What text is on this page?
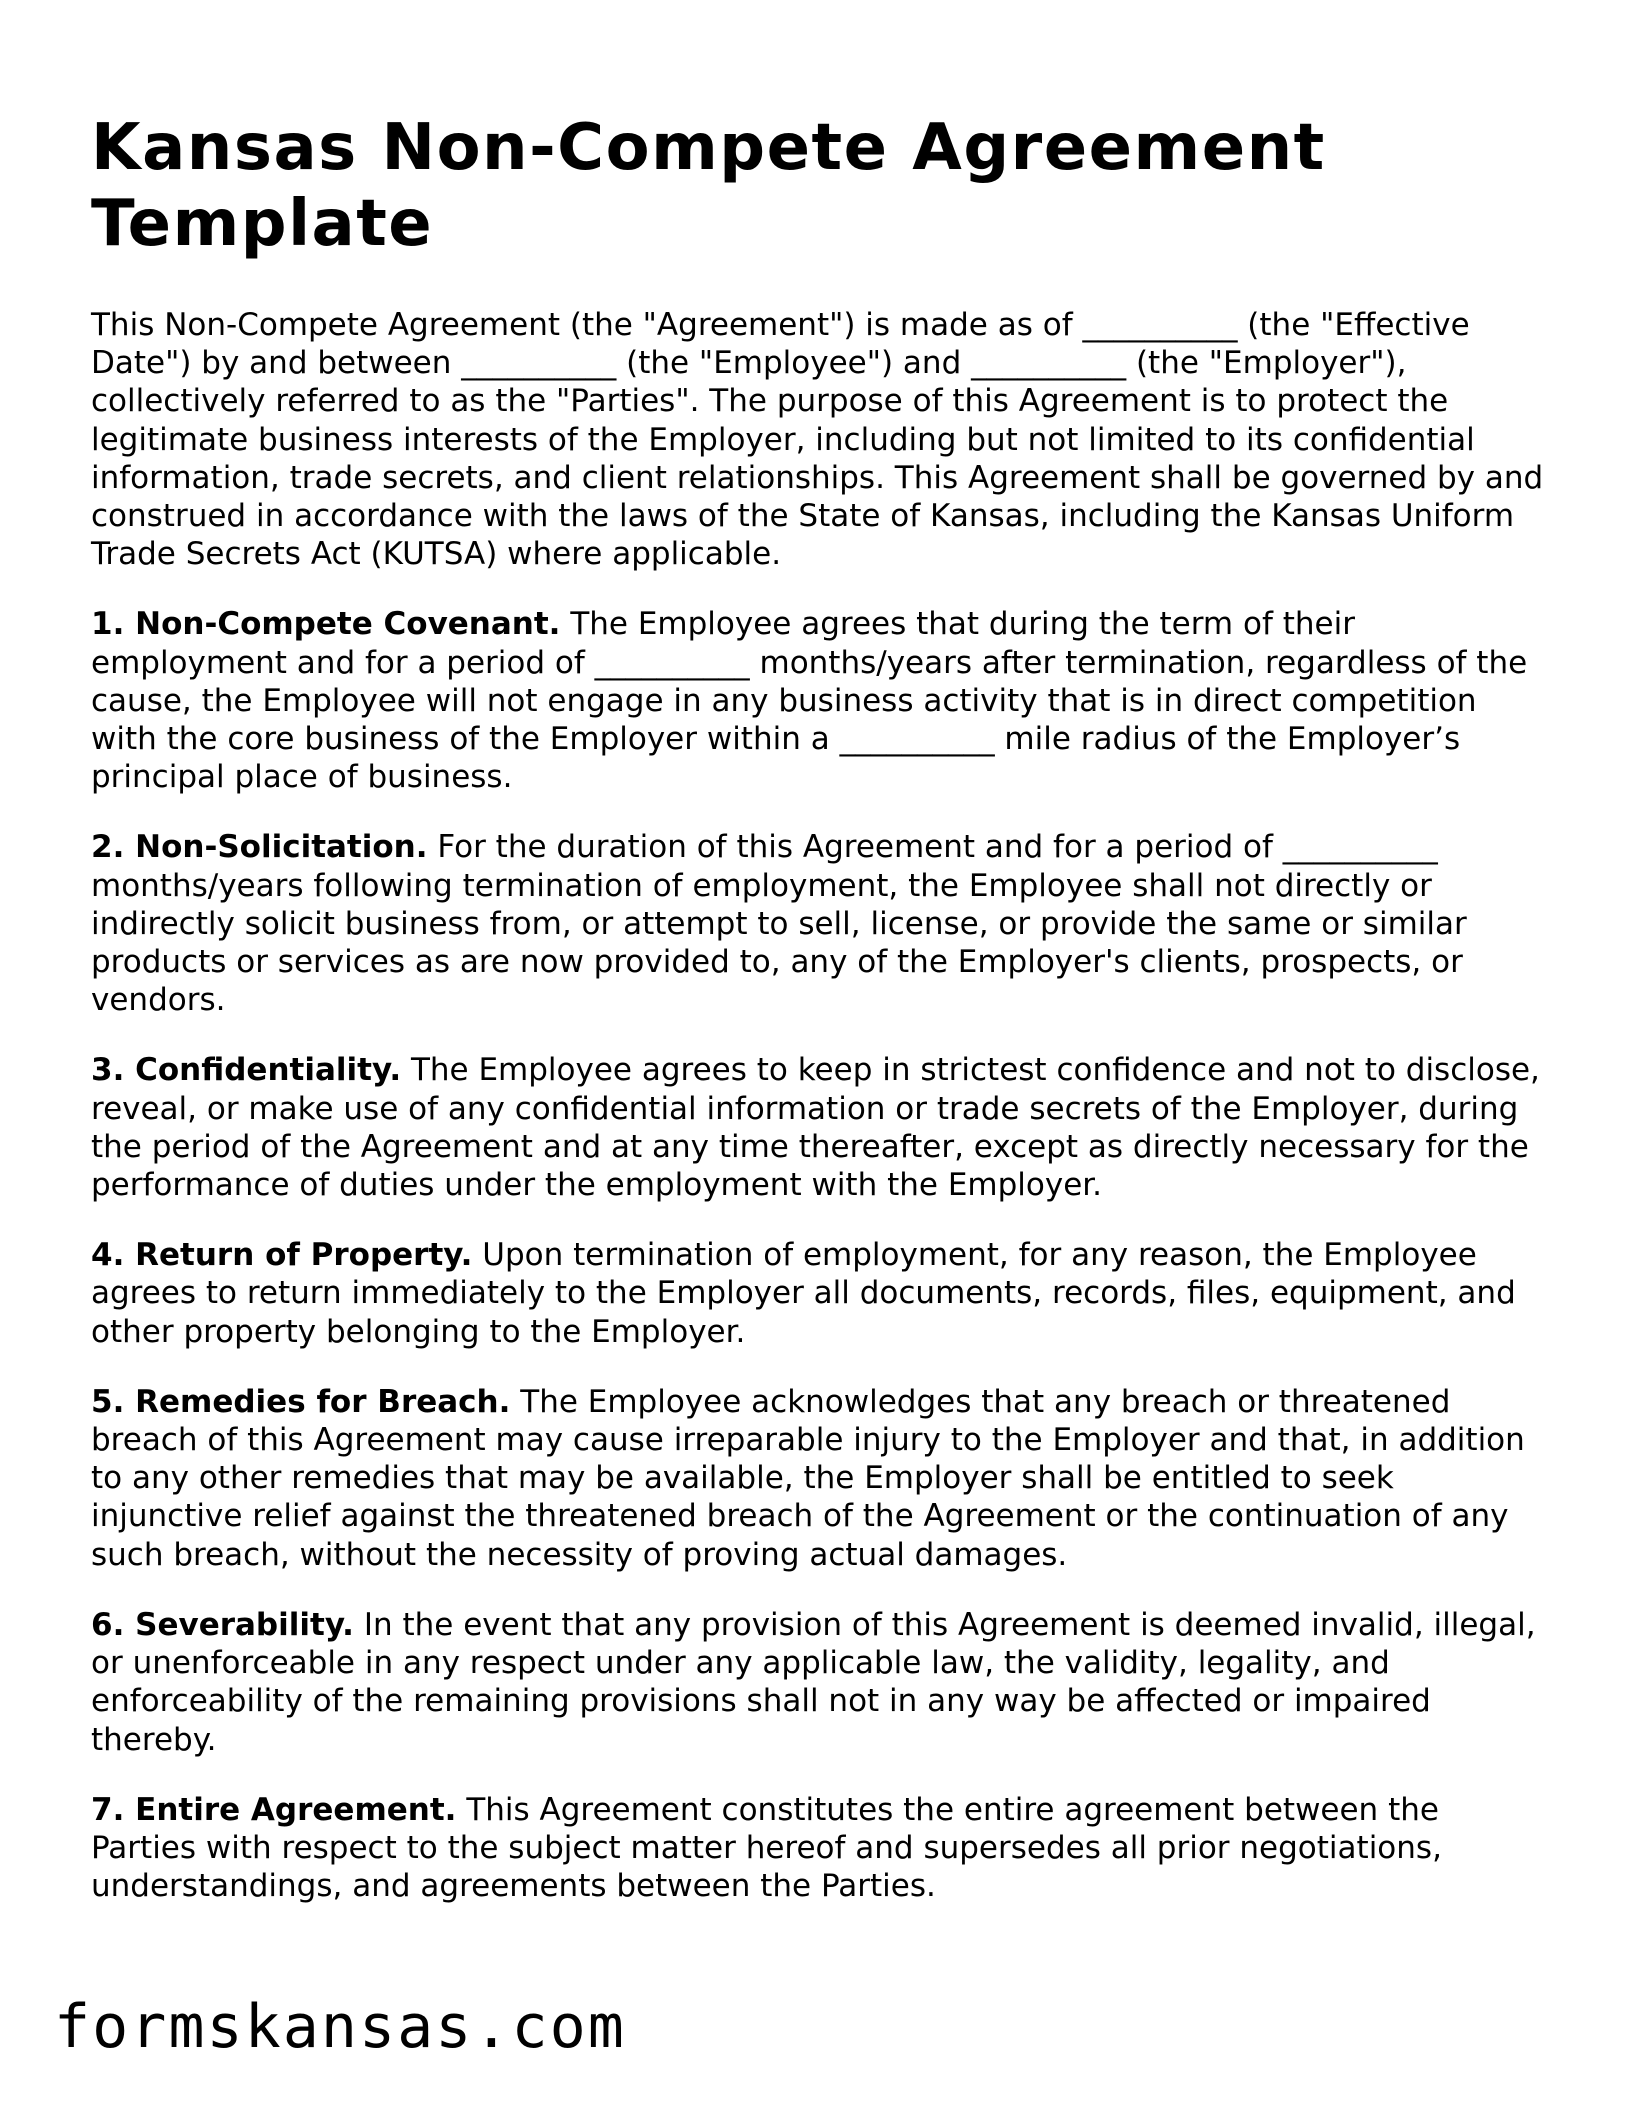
Kansas Non-Compete Agreement Template

This Non-Compete Agreement (the "Agreement") is made as of __________ (the "Effective Date") by and between __________ (the "Employee") and __________ (the "Employer"), collectively referred to as the "Parties". The purpose of this Agreement is to protect the legitimate business interests of the Employer, including but not limited to its confidential information, trade secrets, and client relationships. This Agreement shall be governed by and construed in accordance with the laws of the State of Kansas, including the Kansas Uniform Trade Secrets Act (KUTSA) where applicable.

1. Non-Compete Covenant. The Employee agrees that during the term of their employment and for a period of __________ months/years after termination, regardless of the cause, the Employee will not engage in any business activity that is in direct competition with the core business of the Employer within a __________ mile radius of the Employer’s principal place of business.

2. Non-Solicitation. For the duration of this Agreement and for a period of __________ months/years following termination of employment, the Employee shall not directly or indirectly solicit business from, or attempt to sell, license, or provide the same or similar products or services as are now provided to, any of the Employer's clients, prospects, or vendors.

3. Confidentiality. The Employee agrees to keep in strictest confidence and not to disclose, reveal, or make use of any confidential information or trade secrets of the Employer, during the period of the Agreement and at any time thereafter, except as directly necessary for the performance of duties under the employment with the Employer.

4. Return of Property. Upon termination of employment, for any reason, the Employee agrees to return immediately to the Employer all documents, records, files, equipment, and other property belonging to the Employer.

5. Remedies for Breach. The Employee acknowledges that any breach or threatened breach of this Agreement may cause irreparable injury to the Employer and that, in addition to any other remedies that may be available, the Employer shall be entitled to seek injunctive relief against the threatened breach of the Agreement or the continuation of any such breach, without the necessity of proving actual damages.

6. Severability. In the event that any provision of this Agreement is deemed invalid, illegal, or unenforceable in any respect under any applicable law, the validity, legality, and enforceability of the remaining provisions shall not in any way be affected or impaired thereby.

7. Entire Agreement. This Agreement constitutes the entire agreement between the Parties with respect to the subject matter hereof and supersedes all prior negotiations, understandings, and agreements between the Parties.

formskansas.com
